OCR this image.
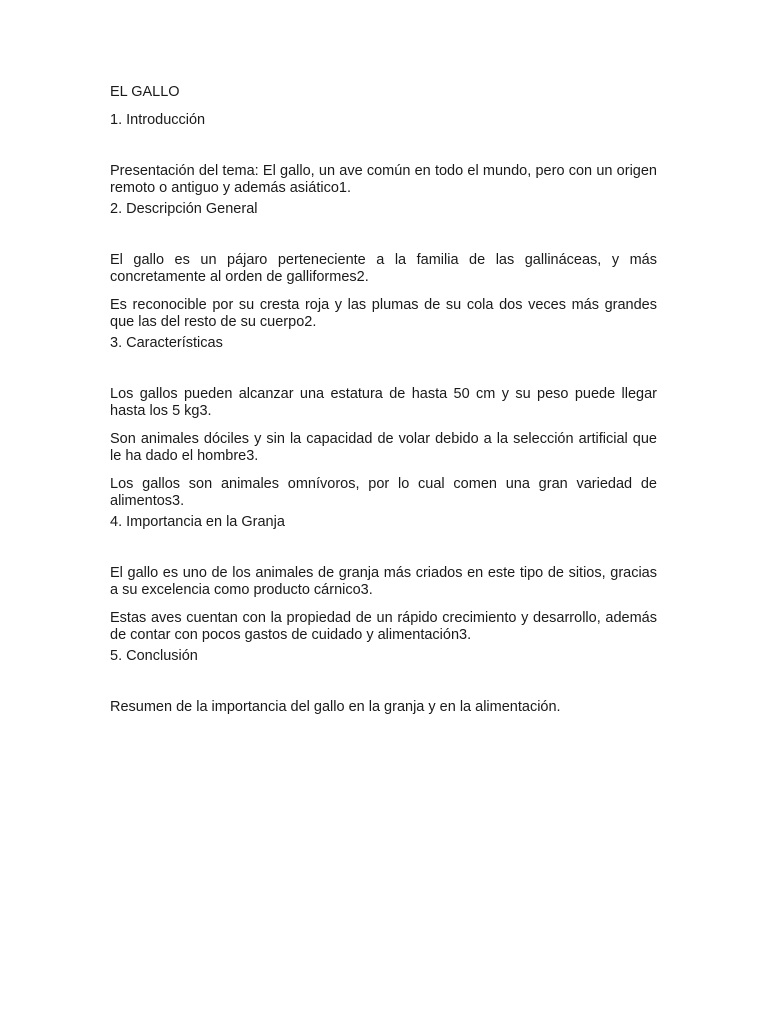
EL GALLO

1. Introducción

Presentación del tema: El gallo, un ave común en todo el mundo, pero con un origen remoto o antiguo y además asiático1.

2. Descripción General

El gallo es un pájaro perteneciente a la familia de las gallináceas, y más concretamente al orden de galliformes2.

Es reconocible por su cresta roja y las plumas de su cola dos veces más grandes que las del resto de su cuerpo2.

3. Características

Los gallos pueden alcanzar una estatura de hasta 50 cm y su peso puede llegar hasta los 5 kg3.

Son animales dóciles y sin la capacidad de volar debido a la selección artificial que le ha dado el hombre3.

Los gallos son animales omnívoros, por lo cual comen una gran variedad de alimentos3.

4. Importancia en la Granja

El gallo es uno de los animales de granja más criados en este tipo de sitios, gracias a su excelencia como producto cárnico3.

Estas aves cuentan con la propiedad de un rápido crecimiento y desarrollo, además de contar con pocos gastos de cuidado y alimentación3.

5. Conclusión

Resumen de la importancia del gallo en la granja y en la alimentación.
